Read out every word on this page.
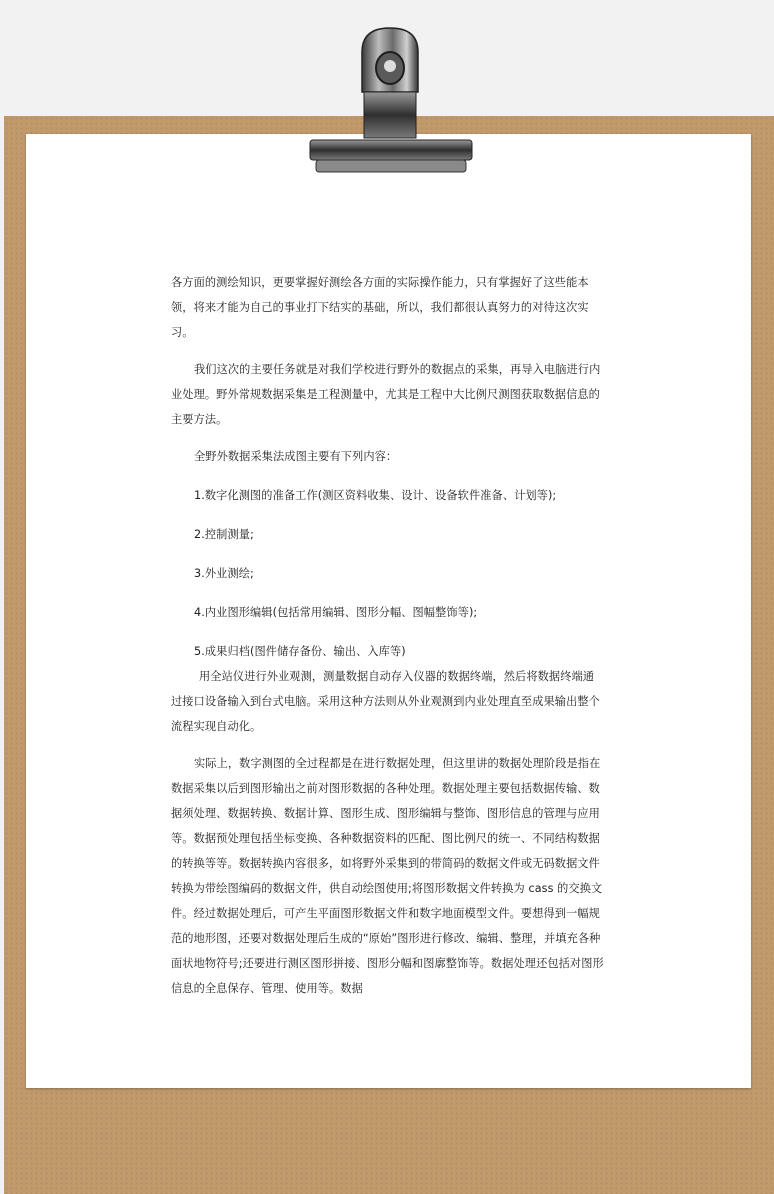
各方面的测绘知识，更要掌握好测绘各方面的实际操作能力，只有掌握好了这些能本领，将来才能为自己的事业打下结实的基础，所以，我们都很认真努力的对待这次实习。

我们这次的主要任务就是对我们学校进行野外的数据点的采集，再导入电脑进行内业处理。野外常规数据采集是工程测量中，尤其是工程中大比例尺测图获取数据信息的主要方法。

全野外数据采集法成图主要有下列内容：

1.数字化测图的准备工作(测区资料收集、设计、设备软件准备、计划等);

2.控制测量;

3.外业测绘;

4.内业图形编辑(包括常用编辑、图形分幅、图幅整饰等);

5.成果归档(图件储存备份、输出、入库等)

用全站仪进行外业观测，测量数据自动存入仪器的数据终端，然后将数据终端通过接口设备输入到台式电脑。采用这种方法则从外业观测到内业处理直至成果输出整个流程实现自动化。

实际上，数字测图的全过程都是在进行数据处理，但这里讲的数据处理阶段是指在数据采集以后到图形输出之前对图形数据的各种处理。数据处理主要包括数据传输、数据须处理、数据转换、数据计算、图形生成、图形编辑与整饰、图形信息的管理与应用等。数据预处理包括坐标变换、各种数据资料的匹配、图比例尺的统一、不同结构数据的转换等等。数据转换内容很多，如将野外采集到的带简码的数据文件或无码数据文件转换为带绘图编码的数据文件，供自动绘图使用;将图形数据文件转换为 cass 的交换文件。经过数据处理后，可产生平面图形数据文件和数字地面模型文件。要想得到一幅规范的地形图，还要对数据处理后生成的“原始”图形进行修改、编辑、整理，并填充各种面状地物符号;还要进行测区图形拼接、图形分幅和图廓整饰等。数据处理还包括对图形信息的全息保存、管理、使用等。数据
